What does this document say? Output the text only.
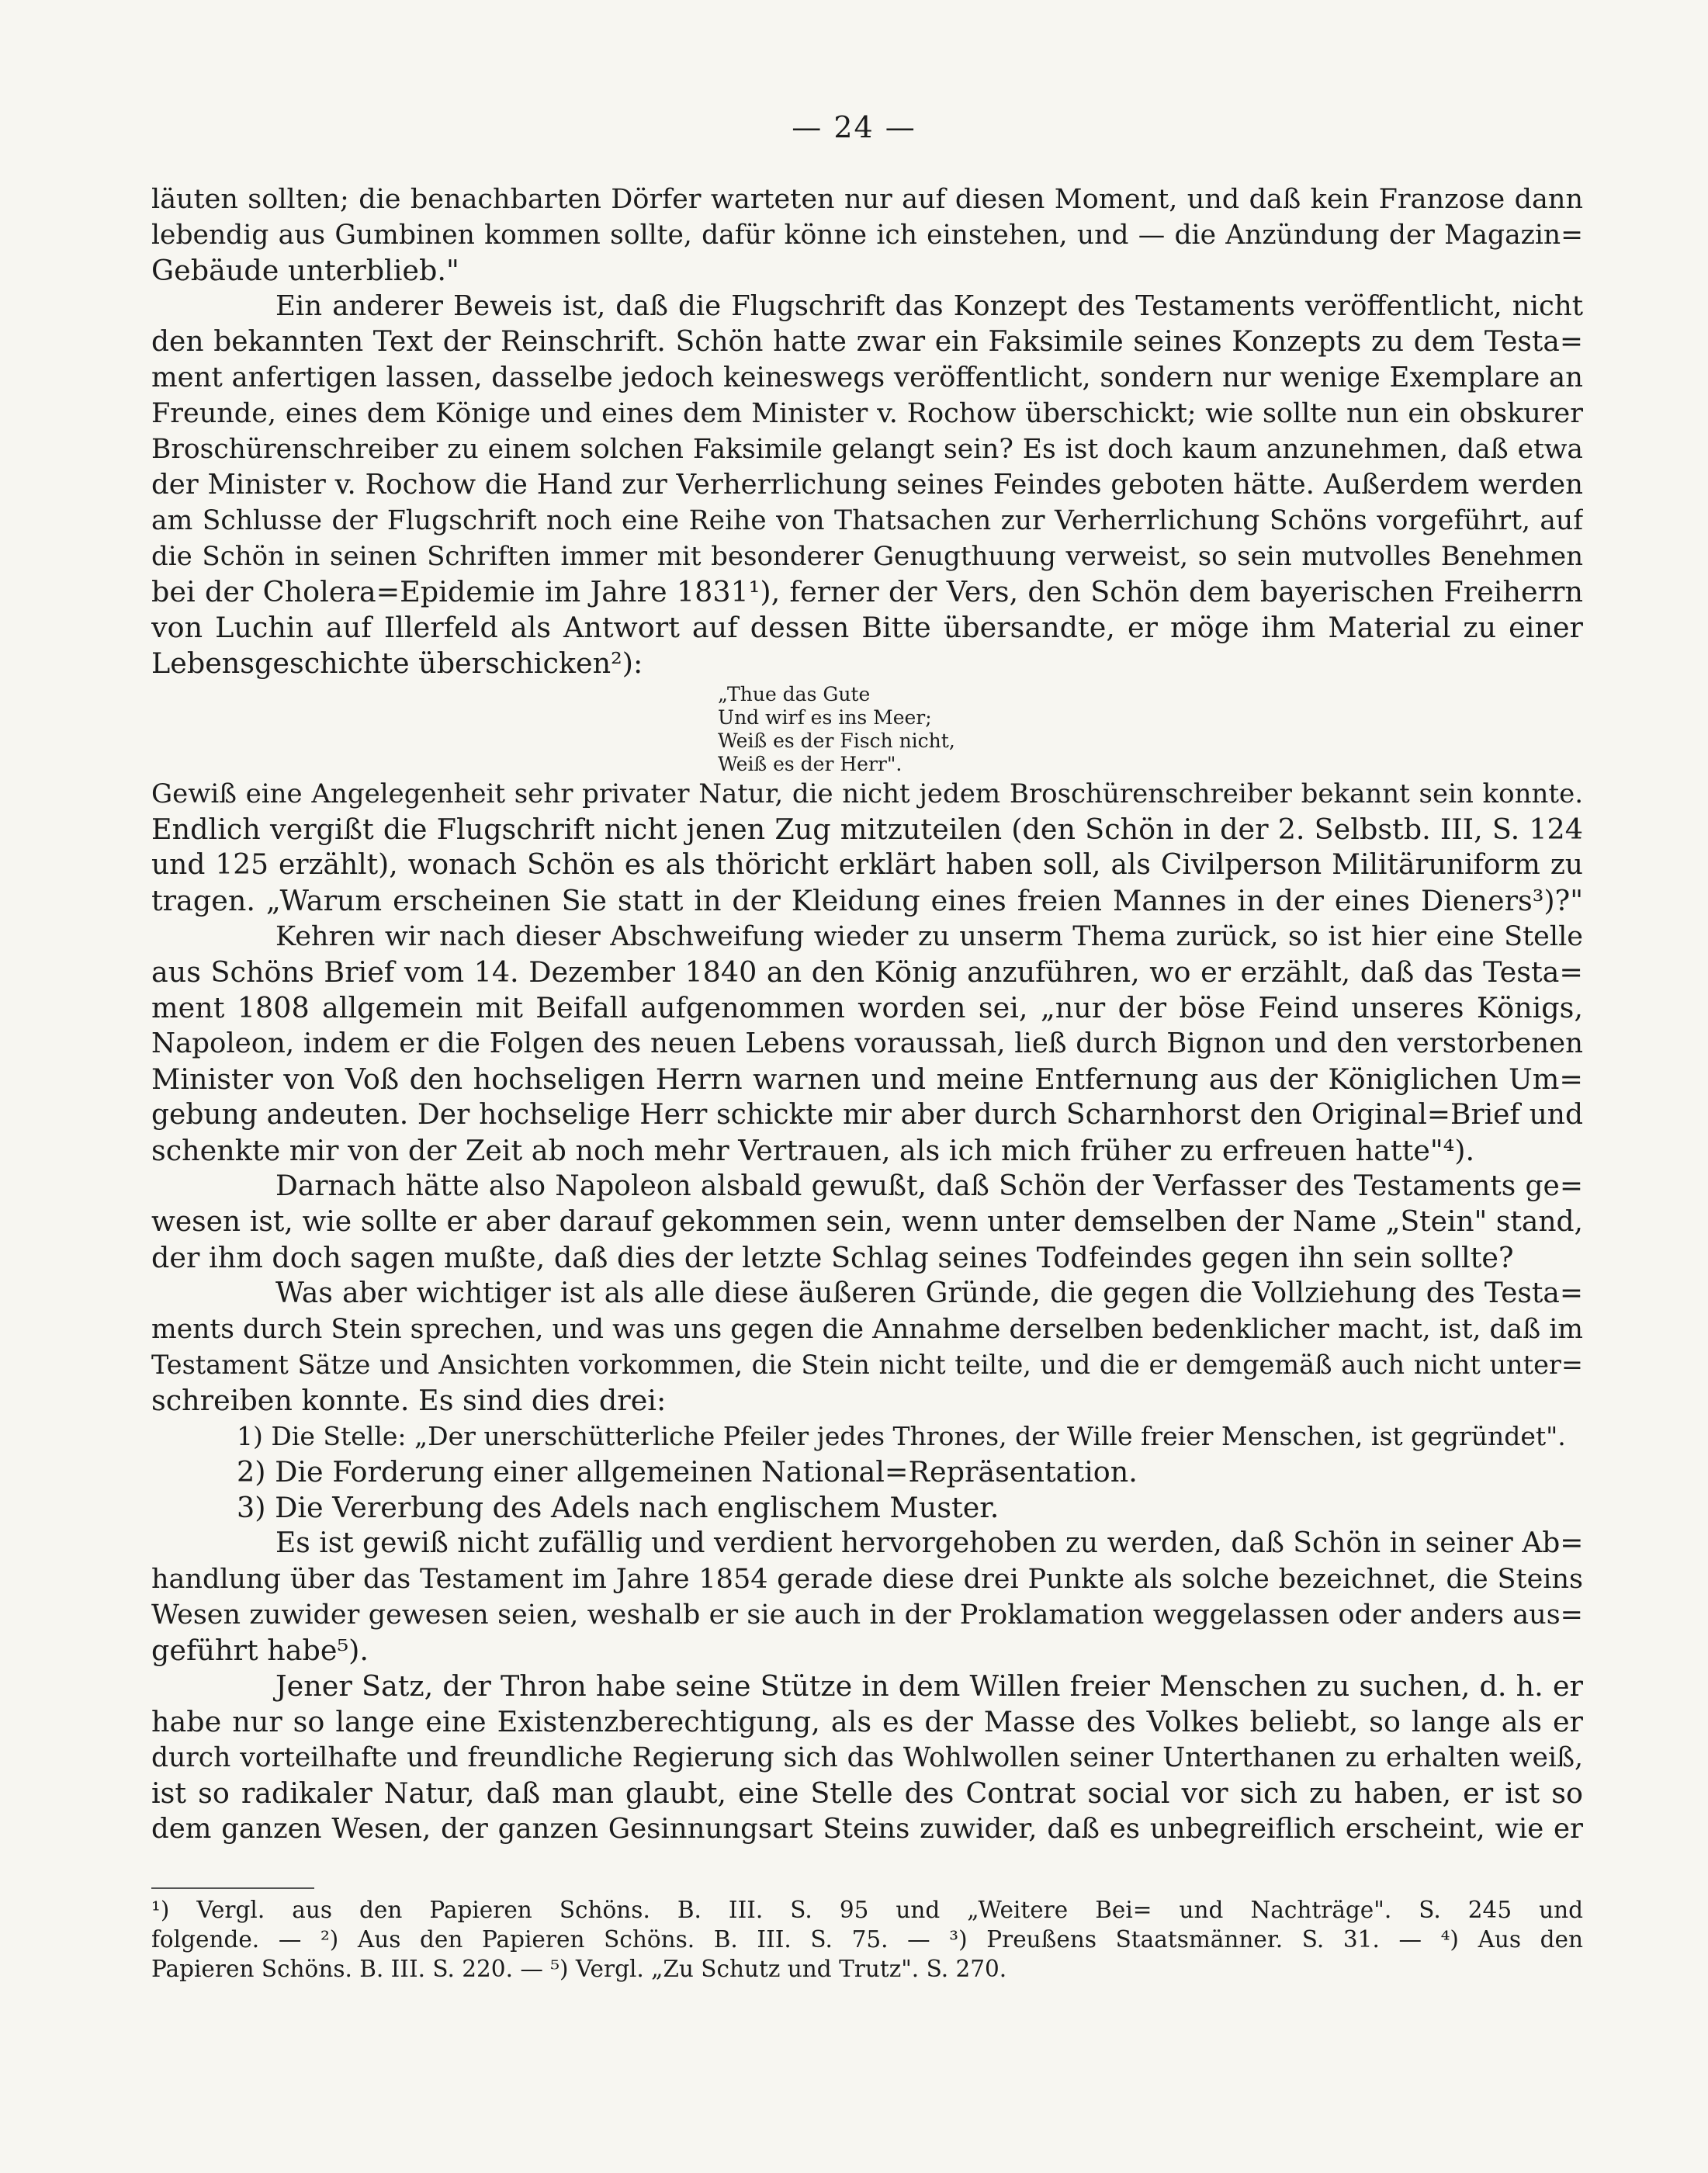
— 24 —
läuten sollten; die benachbarten Dörfer warteten nur auf diesen Moment, und daß kein Franzose dann
lebendig aus Gumbinen kommen sollte, dafür könne ich einstehen, und — die Anzündung der Magazin=
Gebäude unterblieb."
Ein anderer Beweis ist, daß die Flugschrift das Konzept des Testaments veröffentlicht, nicht
den bekannten Text der Reinschrift. Schön hatte zwar ein Faksimile seines Konzepts zu dem Testa=
ment anfertigen lassen, dasselbe jedoch keineswegs veröffentlicht, sondern nur wenige Exemplare an
Freunde, eines dem Könige und eines dem Minister v. Rochow überschickt; wie sollte nun ein obskurer
Broschürenschreiber zu einem solchen Faksimile gelangt sein? Es ist doch kaum anzunehmen, daß etwa
der Minister v. Rochow die Hand zur Verherrlichung seines Feindes geboten hätte. Außerdem werden
am Schlusse der Flugschrift noch eine Reihe von Thatsachen zur Verherrlichung Schöns vorgeführt, auf
die Schön in seinen Schriften immer mit besonderer Genugthuung verweist, so sein mutvolles Benehmen
bei der Cholera=Epidemie im Jahre 1831¹), ferner der Vers, den Schön dem bayerischen Freiherrn
von Luchin auf Illerfeld als Antwort auf dessen Bitte übersandte, er möge ihm Material zu einer
Lebensgeschichte überschicken²):
„Thue das Gute
Und wirf es ins Meer;
Weiß es der Fisch nicht,
Weiß es der Herr".
Gewiß eine Angelegenheit sehr privater Natur, die nicht jedem Broschürenschreiber bekannt sein konnte.
Endlich vergißt die Flugschrift nicht jenen Zug mitzuteilen (den Schön in der 2. Selbstb. III, S. 124
und 125 erzählt), wonach Schön es als thöricht erklärt haben soll, als Civilperson Militäruniform zu
tragen. „Warum erscheinen Sie statt in der Kleidung eines freien Mannes in der eines Dieners³)?"
Kehren wir nach dieser Abschweifung wieder zu unserm Thema zurück, so ist hier eine Stelle
aus Schöns Brief vom 14. Dezember 1840 an den König anzuführen, wo er erzählt, daß das Testa=
ment 1808 allgemein mit Beifall aufgenommen worden sei, „nur der böse Feind unseres Königs,
Napoleon, indem er die Folgen des neuen Lebens voraussah, ließ durch Bignon und den verstorbenen
Minister von Voß den hochseligen Herrn warnen und meine Entfernung aus der Königlichen Um=
gebung andeuten. Der hochselige Herr schickte mir aber durch Scharnhorst den Original=Brief und
schenkte mir von der Zeit ab noch mehr Vertrauen, als ich mich früher zu erfreuen hatte"⁴).
Darnach hätte also Napoleon alsbald gewußt, daß Schön der Verfasser des Testaments ge=
wesen ist, wie sollte er aber darauf gekommen sein, wenn unter demselben der Name „Stein" stand,
der ihm doch sagen mußte, daß dies der letzte Schlag seines Todfeindes gegen ihn sein sollte?
Was aber wichtiger ist als alle diese äußeren Gründe, die gegen die Vollziehung des Testa=
ments durch Stein sprechen, und was uns gegen die Annahme derselben bedenklicher macht, ist, daß im
Testament Sätze und Ansichten vorkommen, die Stein nicht teilte, und die er demgemäß auch nicht unter=
schreiben konnte. Es sind dies drei:
1) Die Stelle: „Der unerschütterliche Pfeiler jedes Thrones, der Wille freier Menschen, ist gegründet".
2) Die Forderung einer allgemeinen National=Repräsentation.
3) Die Vererbung des Adels nach englischem Muster.
Es ist gewiß nicht zufällig und verdient hervorgehoben zu werden, daß Schön in seiner Ab=
handlung über das Testament im Jahre 1854 gerade diese drei Punkte als solche bezeichnet, die Steins
Wesen zuwider gewesen seien, weshalb er sie auch in der Proklamation weggelassen oder anders aus=
geführt habe⁵).
Jener Satz, der Thron habe seine Stütze in dem Willen freier Menschen zu suchen, d. h. er
habe nur so lange eine Existenzberechtigung, als es der Masse des Volkes beliebt, so lange als er
durch vorteilhafte und freundliche Regierung sich das Wohlwollen seiner Unterthanen zu erhalten weiß,
ist so radikaler Natur, daß man glaubt, eine Stelle des Contrat social vor sich zu haben, er ist so
dem ganzen Wesen, der ganzen Gesinnungsart Steins zuwider, daß es unbegreiflich erscheint, wie er
¹) Vergl. aus den Papieren Schöns. B. III. S. 95 und „Weitere Bei= und Nachträge". S. 245 und
folgende. — ²) Aus den Papieren Schöns. B. III. S. 75. — ³) Preußens Staatsmänner. S. 31. — ⁴) Aus den
Papieren Schöns. B. III. S. 220. — ⁵) Vergl. „Zu Schutz und Trutz". S. 270.
